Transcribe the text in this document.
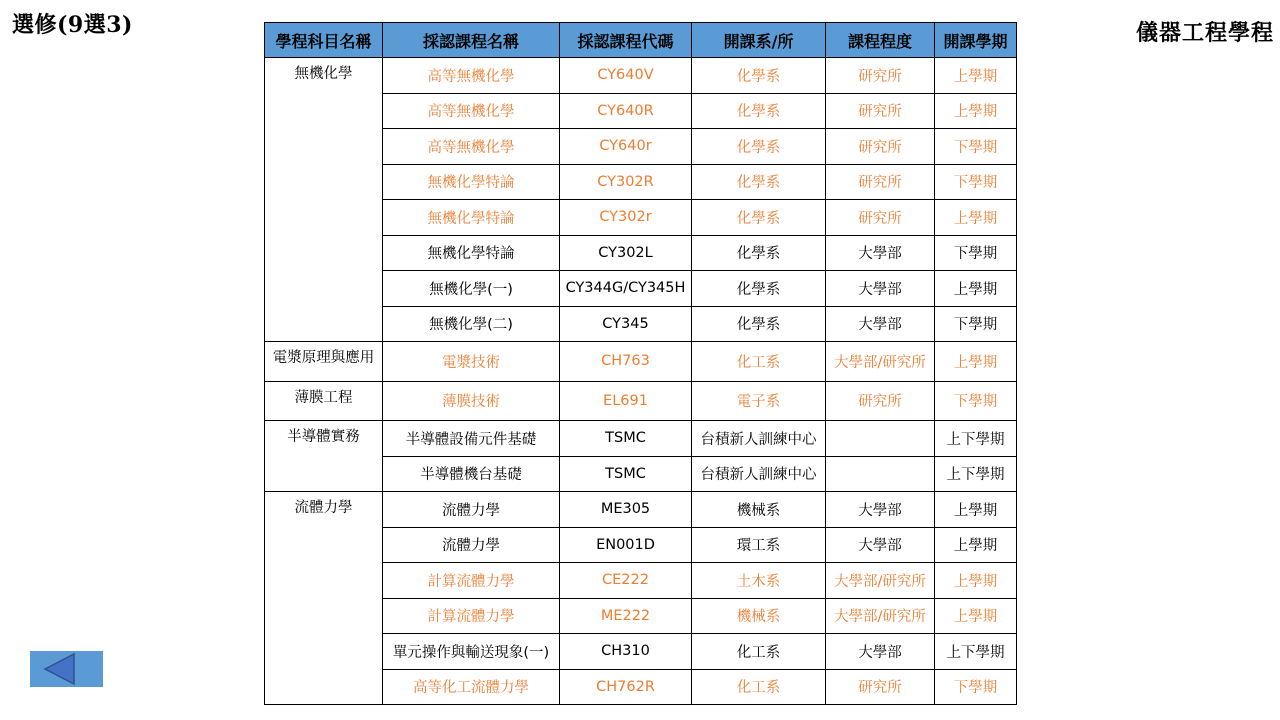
選修(9選3)	儀器工程學程
學程科目名稱	採認課程名稱	採認課程代碼	開課系/所	課程程度	開課學期
無機化學	高等無機化學	CY640V	化學系	研究所	上學期
	高等無機化學	CY640R	化學系	研究所	上學期
	高等無機化學	CY640r	化學系	研究所	下學期
	無機化學特論	CY302R	化學系	研究所	下學期
	無機化學特論	CY302r	化學系	研究所	上學期
	無機化學特論	CY302L	化學系	大學部	下學期
	無機化學(一)	CY344G/CY345H	化學系	大學部	上學期
	無機化學(二)	CY345	化學系	大學部	下學期
電漿原理與應用	電漿技術	CH763	化工系	大學部/研究所	上學期
薄膜工程	薄膜技術	EL691	電子系	研究所	下學期
半導體實務	半導體設備元件基礎	TSMC	台積新人訓練中心		上下學期
	半導體機台基礎	TSMC	台積新人訓練中心		上下學期
流體力學	流體力學	ME305	機械系	大學部	上學期
	流體力學	EN001D	環工系	大學部	上學期
	計算流體力學	CE222	土木系	大學部/研究所	上學期
	計算流體力學	ME222	機械系	大學部/研究所	上學期
	單元操作與輸送現象(一)	CH310	化工系	大學部	上下學期
	高等化工流體力學	CH762R	化工系	研究所	下學期
